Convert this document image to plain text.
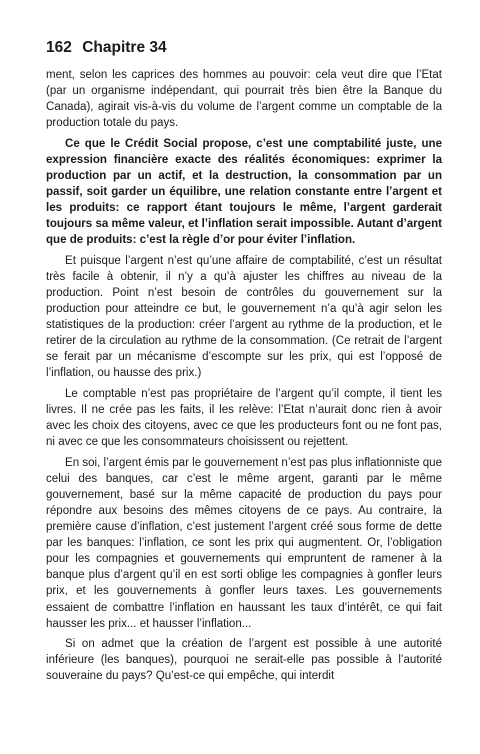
162 Chapitre 34

ment, selon les caprices des hommes au pouvoir: cela veut dire que l’Etat (par un organisme indépendant, qui pourrait très bien être la Banque du Canada), agirait vis-à-vis du volume de l’argent comme un comptable de la production totale du pays.

Ce que le Crédit Social propose, c’est une comptabilité juste, une expression financière exacte des réalités économiques: exprimer la production par un actif, et la destruction, la consommation par un passif, soit garder un équilibre, une relation constante entre l’argent et les produits: ce rapport étant toujours le même, l’argent garderait toujours sa même valeur, et l’inflation serait impossible. Autant d’argent que de produits: c’est la règle d’or pour éviter l’inflation.

Et puisque l’argent n’est qu’une affaire de comptabilité, c’est un résultat très facile à obtenir, il n’y a qu’à ajuster les chiffres au niveau de la production. Point n’est besoin de contrôles du gouvernement sur la production pour atteindre ce but, le gouvernement n’a qu’à agir selon les statistiques de la production: créer l’argent au rythme de la production, et le retirer de la circulation au rythme de la consommation. (Ce retrait de l’argent se ferait par un mécanisme d’escompte sur les prix, qui est l’opposé de l’inflation, ou hausse des prix.)

Le comptable n’est pas propriétaire de l’argent qu’il compte, il tient les livres. Il ne crée pas les faits, il les relève: l’Etat n’aurait donc rien à avoir avec les choix des citoyens, avec ce que les producteurs font ou ne font pas, ni avec ce que les consommateurs choisissent ou rejettent.

En soi, l’argent émis par le gouvernement n’est pas plus inflationniste que celui des banques, car c’est le même argent, garanti par le même gouvernement, basé sur la même capacité de production du pays pour répondre aux besoins des mêmes citoyens de ce pays. Au contraire, la première cause d’inflation, c’est justement l’argent créé sous forme de dette par les banques: l’inflation, ce sont les prix qui augmentent. Or, l’obligation pour les compagnies et gouvernements qui empruntent de ramener à la banque plus d’argent qu’il en est sorti oblige les compagnies à gonfler leurs prix, et les gouvernements à gonfler leurs taxes. Les gouvernements essaient de combattre l’inflation en haussant les taux d’intérêt, ce qui fait hausser les prix... et hausser l’inflation...

Si on admet que la création de l’argent est possible à une autorité inférieure (les banques), pourquoi ne serait-elle pas possible à l’autorité souveraine du pays? Qu’est-ce qui empêche, qui interdit
